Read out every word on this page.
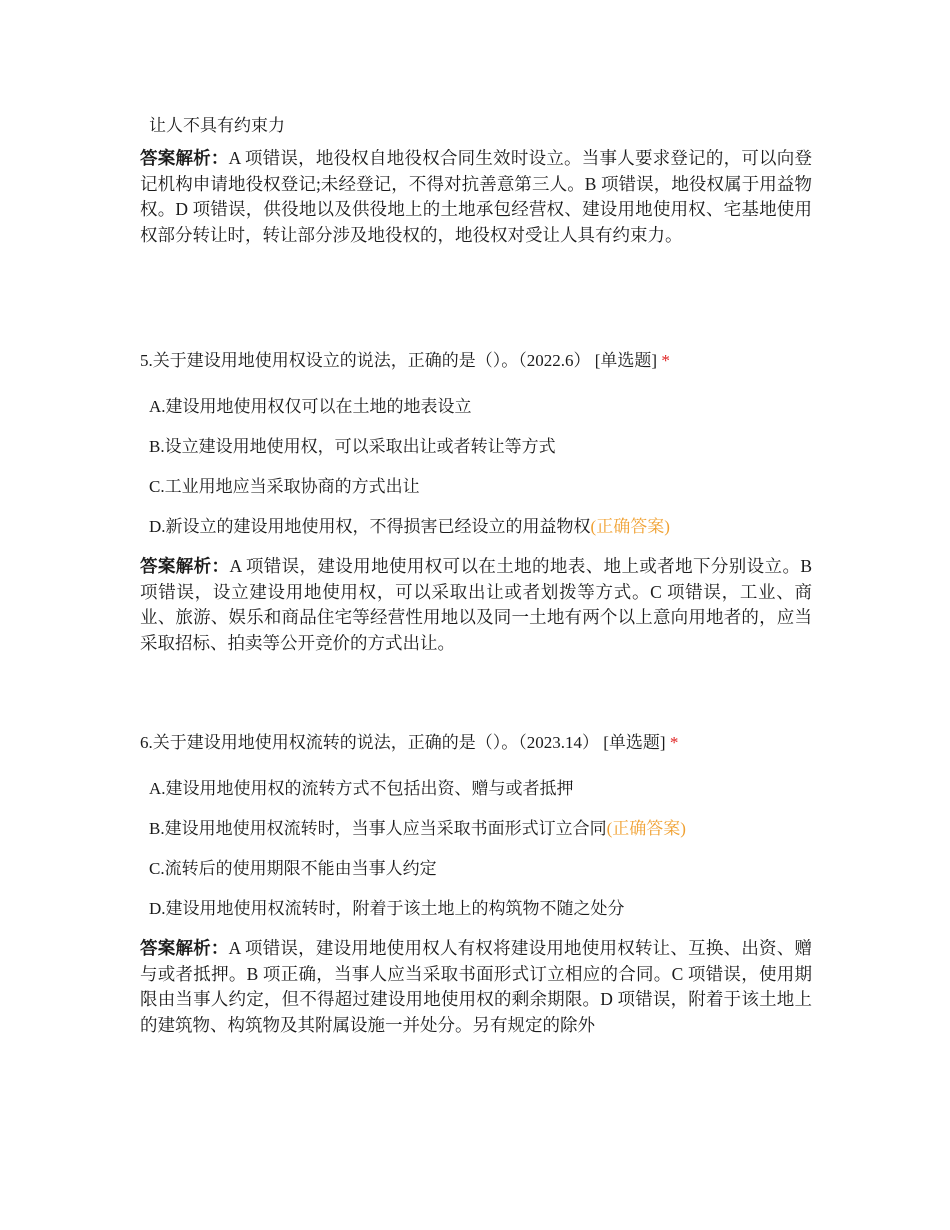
让人不具有约束力
答案解析：A 项错误，地役权自地役权合同生效时设立。当事人要求登记的，可以向登记机构申请地役权登记;未经登记，不得对抗善意第三人。B 项错误，地役权属于用益物权。D 项错误，供役地以及供役地上的土地承包经营权、建设用地使用权、宅基地使用权部分转让时，转让部分涉及地役权的，地役权对受让人具有约束力。
5.关于建设用地使用权设立的说法，正确的是（）。（2022.6） [单选题] *
A.建设用地使用权仅可以在土地的地表设立
B.设立建设用地使用权，可以采取出让或者转让等方式
C.工业用地应当采取协商的方式出让
D.新设立的建设用地使用权，不得损害已经设立的用益物权(正确答案)
答案解析：A 项错误，建设用地使用权可以在土地的地表、地上或者地下分别设立。B 项错误，设立建设用地使用权，可以采取出让或者划拨等方式。C 项错误，工业、商业、旅游、娱乐和商品住宅等经营性用地以及同一土地有两个以上意向用地者的，应当采取招标、拍卖等公开竞价的方式出让。
6.关于建设用地使用权流转的说法，正确的是（）。（2023.14） [单选题] *
A.建设用地使用权的流转方式不包括出资、赠与或者抵押
B.建设用地使用权流转时，当事人应当采取书面形式订立合同(正确答案)
C.流转后的使用期限不能由当事人约定
D.建设用地使用权流转时，附着于该土地上的构筑物不随之处分
答案解析：A 项错误，建设用地使用权人有权将建设用地使用权转让、互换、出资、赠与或者抵押。B 项正确，当事人应当采取书面形式订立相应的合同。C 项错误，使用期限由当事人约定，但不得超过建设用地使用权的剩余期限。D 项错误，附着于该土地上的建筑物、构筑物及其附属设施一并处分。另有规定的除外
